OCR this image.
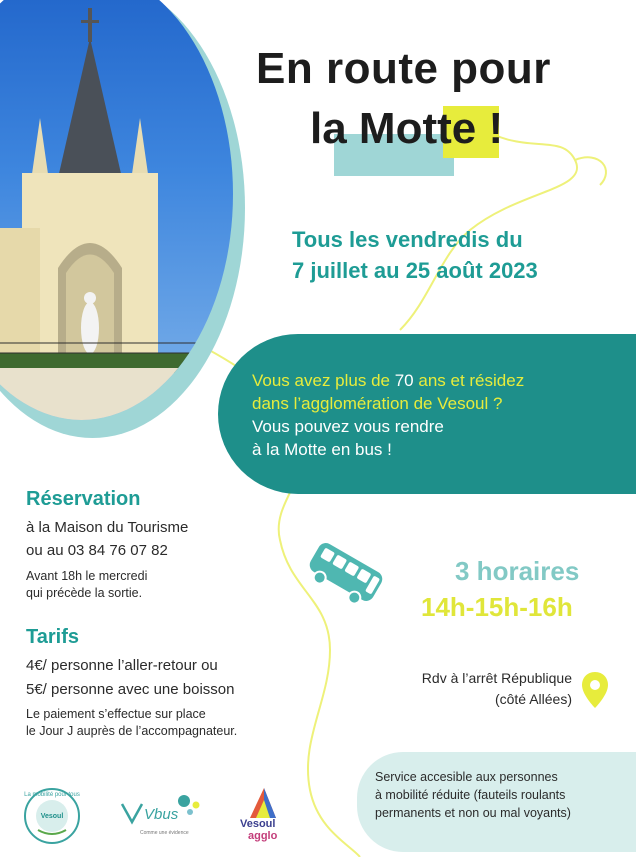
En route pour
la Motte !
Tous les vendredis du
7 juillet au 25 août 2023
Vous avez plus de 70 ans et résidez
dans l’agglomération de Vesoul ?
Vous pouvez vous rendre
à la Motte en bus !
Réservation
à la Maison du Tourisme
ou au 03 84 76 07 82
Avant 18h le mercredi
qui précède la sortie.
Tarifs
4€/ personne l’aller-retour ou
5€/ personne avec une boisson
Le paiement s’effectue sur place
le Jour J auprès de l’accompagnateur.
3 horaires
14h-15h-16h
Rdv à l’arrêt République
(côté Allées)
Service accesible aux personnes
à mobilité réduite (fauteils roulants
permanents et non ou mal voyants)
La mobilité pour tous
Vesoul	Vbus
Comme une évidence
Vesoul
agglo
